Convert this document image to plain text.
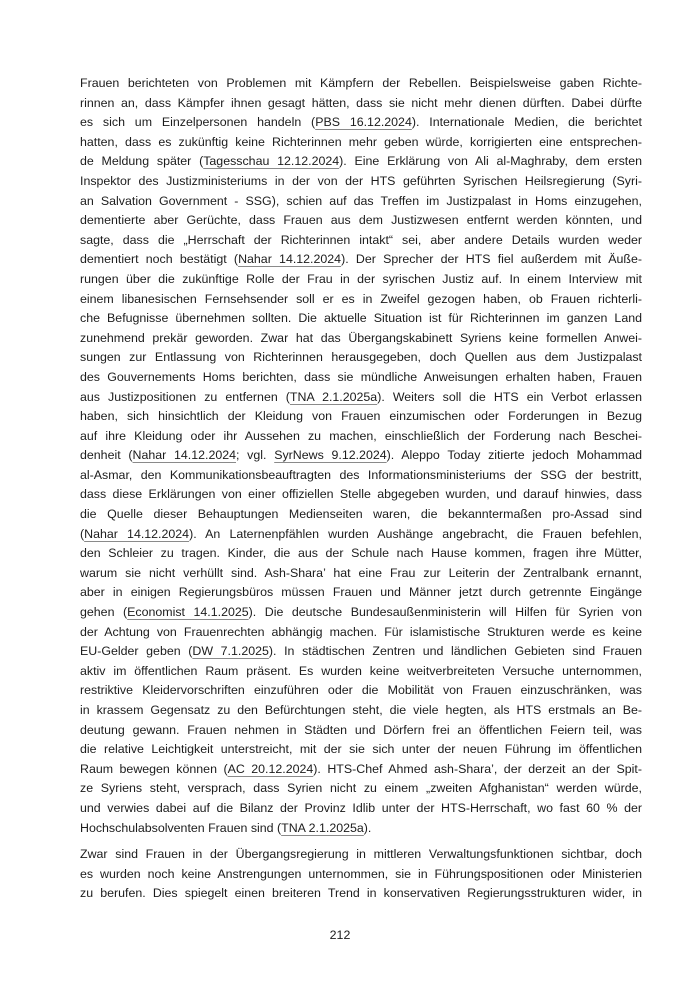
Frauen berichteten von Problemen mit Kämpfern der Rebellen. Beispielsweise gaben Richte-
rinnen an, dass Kämpfer ihnen gesagt hätten, dass sie nicht mehr dienen dürften. Dabei dürfte
es sich um Einzelpersonen handeln (PBS 16.12.2024). Internationale Medien, die berichtet
hatten, dass es zukünftig keine Richterinnen mehr geben würde, korrigierten eine entsprechen-
de Meldung später (Tagesschau 12.12.2024). Eine Erklärung von Ali al-Maghraby, dem ersten
Inspektor des Justizministeriums in der von der HTS geführten Syrischen Heilsregierung (Syri-
an Salvation Government - SSG), schien auf das Treffen im Justizpalast in Homs einzugehen,
dementierte aber Gerüchte, dass Frauen aus dem Justizwesen entfernt werden könnten, und
sagte, dass die „Herrschaft der Richterinnen intakt“ sei, aber andere Details wurden weder
dementiert noch bestätigt (Nahar 14.12.2024). Der Sprecher der HTS fiel außerdem mit Äuße-
rungen über die zukünftige Rolle der Frau in der syrischen Justiz auf. In einem Interview mit
einem libanesischen Fernsehsender soll er es in Zweifel gezogen haben, ob Frauen richterli-
che Befugnisse übernehmen sollten. Die aktuelle Situation ist für Richterinnen im ganzen Land
zunehmend prekär geworden. Zwar hat das Übergangskabinett Syriens keine formellen Anwei-
sungen zur Entlassung von Richterinnen herausgegeben, doch Quellen aus dem Justizpalast
des Gouvernements Homs berichten, dass sie mündliche Anweisungen erhalten haben, Frauen
aus Justizpositionen zu entfernen (TNA 2.1.2025a). Weiters soll die HTS ein Verbot erlassen
haben, sich hinsichtlich der Kleidung von Frauen einzumischen oder Forderungen in Bezug
auf ihre Kleidung oder ihr Aussehen zu machen, einschließlich der Forderung nach Beschei-
denheit (Nahar 14.12.2024; vgl. SyrNews 9.12.2024). Aleppo Today zitierte jedoch Mohammad
al-Asmar, den Kommunikationsbeauftragten des Informationsministeriums der SSG der bestritt,
dass diese Erklärungen von einer offiziellen Stelle abgegeben wurden, und darauf hinwies, dass
die Quelle dieser Behauptungen Medienseiten waren, die bekanntermaßen pro-Assad sind
(Nahar 14.12.2024). An Laternenpfählen wurden Aushänge angebracht, die Frauen befehlen,
den Schleier zu tragen. Kinder, die aus der Schule nach Hause kommen, fragen ihre Mütter,
warum sie nicht verhüllt sind. Ash-Shara’ hat eine Frau zur Leiterin der Zentralbank ernannt,
aber in einigen Regierungsbüros müssen Frauen und Männer jetzt durch getrennte Eingänge
gehen (Economist 14.1.2025). Die deutsche Bundesaußenministerin will Hilfen für Syrien von
der Achtung von Frauenrechten abhängig machen. Für islamistische Strukturen werde es keine
EU-Gelder geben (DW 7.1.2025). In städtischen Zentren und ländlichen Gebieten sind Frauen
aktiv im öffentlichen Raum präsent. Es wurden keine weitverbreiteten Versuche unternommen,
restriktive Kleidervorschriften einzuführen oder die Mobilität von Frauen einzuschränken, was
in krassem Gegensatz zu den Befürchtungen steht, die viele hegten, als HTS erstmals an Be-
deutung gewann. Frauen nehmen in Städten und Dörfern frei an öffentlichen Feiern teil, was
die relative Leichtigkeit unterstreicht, mit der sie sich unter der neuen Führung im öffentlichen
Raum bewegen können (AC 20.12.2024). HTS-Chef Ahmed ash-Shara’, der derzeit an der Spit-
ze Syriens steht, versprach, dass Syrien nicht zu einem „zweiten Afghanistan“ werden würde,
und verwies dabei auf die Bilanz der Provinz Idlib unter der HTS-Herrschaft, wo fast 60 % der
Hochschulabsolventen Frauen sind (TNA 2.1.2025a).
Zwar sind Frauen in der Übergangsregierung in mittleren Verwaltungsfunktionen sichtbar, doch
es wurden noch keine Anstrengungen unternommen, sie in Führungspositionen oder Ministerien
zu berufen. Dies spiegelt einen breiteren Trend in konservativen Regierungsstrukturen wider, in
212
